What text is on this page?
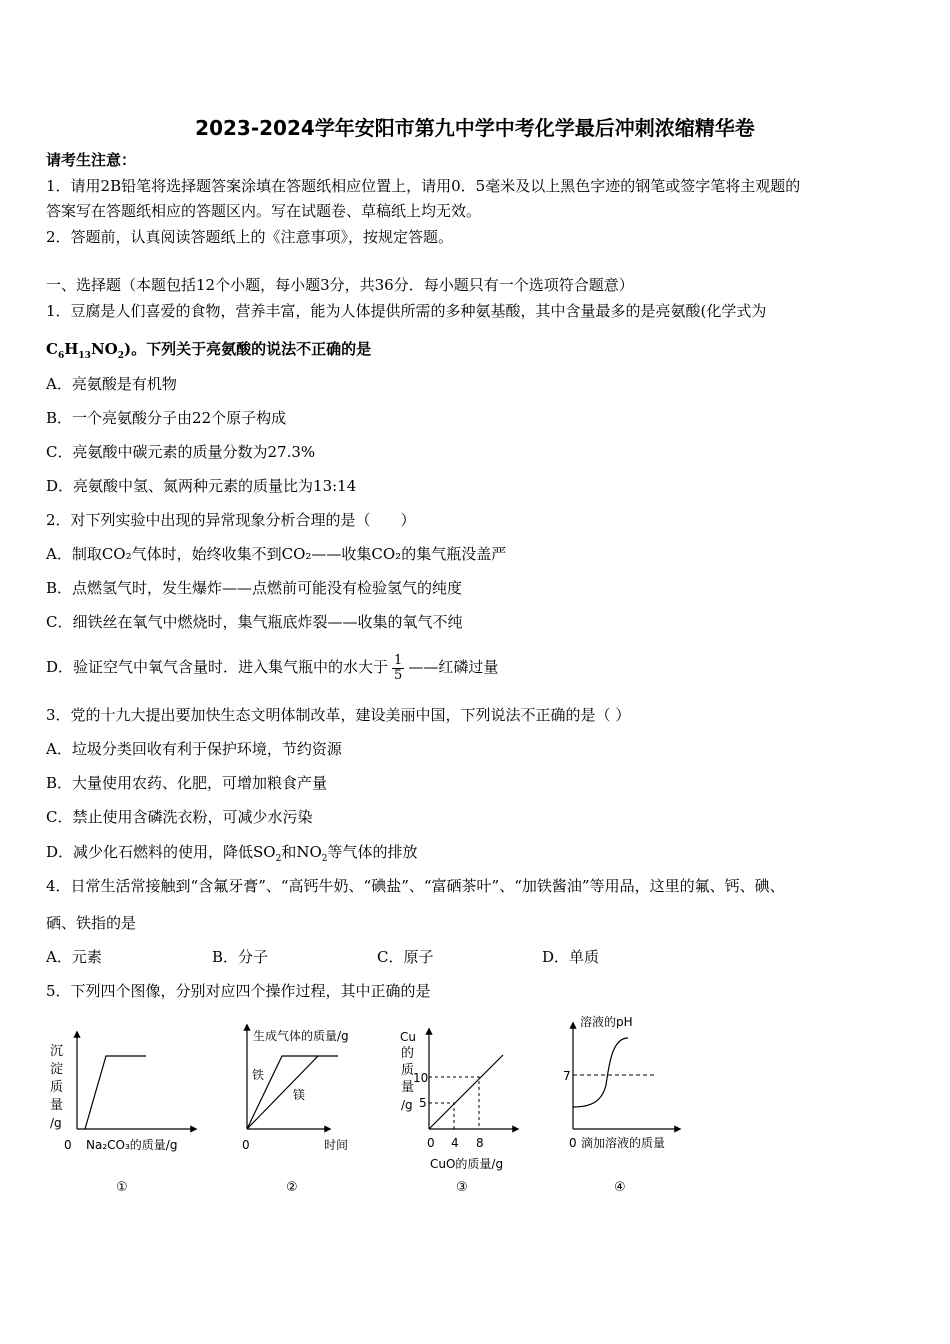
2023-2024学年安阳市第九中学中考化学最后冲刺浓缩精华卷
请考生注意：
1．请用2B铅笔将选择题答案涂填在答题纸相应位置上，请用0．5毫米及以上黑色字迹的钢笔或签字笔将主观题的
答案写在答题纸相应的答题区内。写在试题卷、草稿纸上均无效。
2．答题前，认真阅读答题纸上的《注意事项》，按规定答题。
一、选择题（本题包括12个小题，每小题3分，共36分．每小题只有一个选项符合题意）
1．豆腐是人们喜爱的食物，营养丰富，能为人体提供所需的多种氨基酸，其中含量最多的是亮氨酸(化学式为
$C_6H_{13}NO_2$)。下列关于亮氨酸的说法不正确的是
A．亮氨酸是有机物
B．一个亮氨酸分子由22个原子构成
C．亮氨酸中碳元素的质量分数为27.3%
D．亮氨酸中氢、氮两种元素的质量比为13:14
2．对下列实验中出现的异常现象分析合理的是（　　）
A．制取CO₂气体时，始终收集不到CO₂——收集CO₂的集气瓶没盖严
B．点燃氢气时，发生爆炸——点燃前可能没有检验氢气的纯度
C．细铁丝在氧气中燃烧时，集气瓶底炸裂——收集的氧气不纯
D．验证空气中氧气含量时．进入集气瓶中的水大于 $\frac{1}{5}$ ——红磷过量
3．党的十九大提出要加快生态文明体制改革，建设美丽中国，下列说法不正确的是（ ）
A．垃圾分类回收有利于保护环境，节约资源
B．大量使用农药、化肥，可增加粮食产量
C．禁止使用含磷洗衣粉，可减少水污染
D．减少化石燃料的使用，降低$SO_2$和$NO_2$等气体的排放
4．日常生活常接触到“含氟牙膏”、“高钙牛奶、“碘盐”、“富硒茶叶”、“加铁酱油”等用品，这里的氟、钙、碘、
硒、铁指的是
A．元素	B．分子	C．原子	D．单质
5．下列四个图像，分别对应四个操作过程，其中正确的是
沉
淀
质
量
/g
0 Na₂CO₃的质量/g
①
生成气体的质量/g
铁
镁
0	时间
②
Cu
的
质
量
/g
10
5
0 4 8
CuO的质量/g
③
溶液的pH
7
0 滴加溶液的质量
④
